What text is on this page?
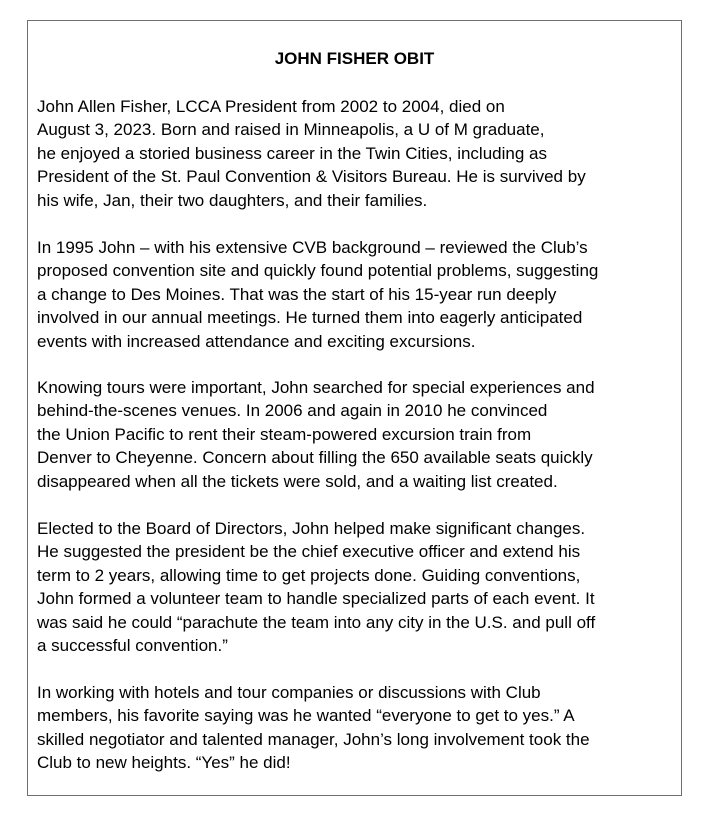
JOHN FISHER OBIT

John Allen Fisher, LCCA President from 2002 to 2004, died on
August 3, 2023. Born and raised in Minneapolis, a U of M graduate,
he enjoyed a storied business career in the Twin Cities, including as
President of the St. Paul Convention & Visitors Bureau. He is survived by
his wife, Jan, their two daughters, and their families.

In 1995 John – with his extensive CVB background – reviewed the Club’s
proposed convention site and quickly found potential problems, suggesting
a change to Des Moines. That was the start of his 15-year run deeply
involved in our annual meetings. He turned them into eagerly anticipated
events with increased attendance and exciting excursions.

Knowing tours were important, John searched for special experiences and
behind-the-scenes venues. In 2006 and again in 2010 he convinced
the Union Pacific to rent their steam-powered excursion train from
Denver to Cheyenne. Concern about filling the 650 available seats quickly
disappeared when all the tickets were sold, and a waiting list created.

Elected to the Board of Directors, John helped make significant changes.
He suggested the president be the chief executive officer and extend his
term to 2 years, allowing time to get projects done. Guiding conventions,
John formed a volunteer team to handle specialized parts of each event. It
was said he could “parachute the team into any city in the U.S. and pull off
a successful convention.”

In working with hotels and tour companies or discussions with Club
members, his favorite saying was he wanted “everyone to get to yes.” A
skilled negotiator and talented manager, John’s long involvement took the
Club to new heights. “Yes” he did!
